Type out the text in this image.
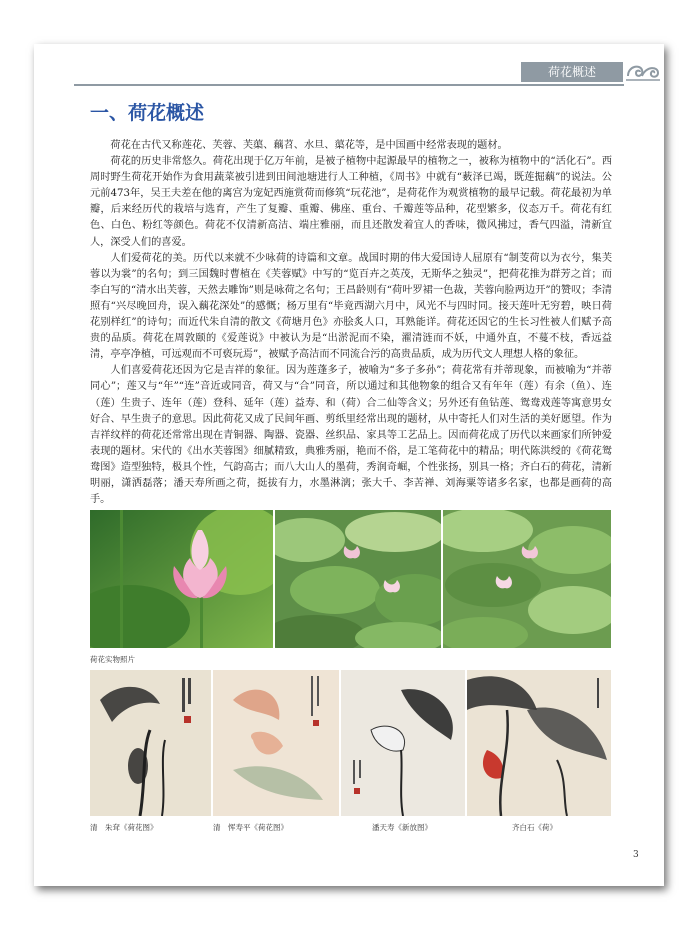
荷花概述
一、荷花概述

荷花在古代又称莲花、芙蓉、芙蕖、藕苕、水旦、蕖花等，是中国画中经常表现的题材。

荷花的历史非常悠久。荷花出现于亿万年前，是被子植物中起源最早的植物之一，被称为植物中的“活化石”。西周时野生荷花开始作为食用蔬菜被引进到田间池塘进行人工种植，《周书》中就有“薮泽已竭，既莲掘藕”的说法。公元前473年，吴王夫差在他的离宫为宠妃西施赏荷而修筑“玩花池”，是荷花作为观赏植物的最早记载。荷花最初为单瓣，后来经历代的栽培与选育，产生了复瓣、重瓣、佛座、重台、千瓣莲等品种，花型繁多，仪态万千。荷花有红色、白色、粉红等颜色。荷花不仅清新高洁、端庄雅丽，而且还散发着宜人的香味，微风拂过，香气四溢，清新宜人，深受人们的喜爱。

人们爱荷花的美。历代以来就不少咏荷的诗篇和文章。战国时期的伟大爱国诗人屈原有“制芰荷以为衣兮，集芙蓉以为裳”的名句；到三国魏时曹植在《芙蓉赋》中写的“览百卉之英茂，无斯华之独灵”，把荷花推为群芳之首；而李白写的“清水出芙蓉，天然去雕饰”则是咏荷之名句；王昌龄则有“荷叶罗裙一色裁，芙蓉向脸两边开”的赞叹；李清照有“兴尽晚回舟，误入藕花深处”的感慨；杨万里有“毕竟西湖六月中，风光不与四时同。接天莲叶无穷碧，映日荷花别样红”的诗句；而近代朱自清的散文《荷塘月色》亦脍炙人口，耳熟能详。荷花还因它的生长习性被人们赋予高贵的品质。荷花在周敦颐的《爱莲说》中被认为是“出淤泥而不染，濯清涟而不妖，中通外直，不蔓不枝，香远益清，亭亭净植，可远观而不可亵玩焉”，被赋予高洁而不同流合污的高贵品质，成为历代文人理想人格的象征。

人们喜爱荷花还因为它是吉祥的象征。因为莲蓬多子，被喻为“多子多孙”；荷花常有并蒂现象，而被喻为“并蒂同心”；莲又与“年”“连”音近或同音，荷又与“合”同音，所以通过和其他物象的组合又有年年（莲）有余（鱼）、连（莲）生贵子、连年（莲）登科、延年（莲）益寿、和（荷）合二仙等含义；另外还有鱼钻莲、鸳鸯戏莲等寓意男女好合、早生贵子的意思。因此荷花又成了民间年画、剪纸里经常出现的题材，从中寄托人们对生活的美好愿望。作为吉祥纹样的荷花还常常出现在青铜器、陶器、瓷器、丝织品、家具等工艺品上。因而荷花成了历代以来画家们所钟爱表现的题材。宋代的《出水芙蓉图》细腻精致，典雅秀丽，艳而不俗，是工笔荷花中的精品；明代陈洪绶的《荷花鸳鸯图》造型独特，极具个性，气韵高古；而八大山人的墨荷，秀润奇崛，个性张扬，别具一格；齐白石的荷花，清新明丽，潇洒磊落；潘天寿所画之荷，挺拔有力，水墨淋漓；张大千、李苦禅、刘海粟等诸多名家，也都是画荷的高手。

荷花实物照片
清　朱耷《荷花图》	清　恽寿平《荷花图》	潘天寿《新放图》	齐白石《荷》
3
